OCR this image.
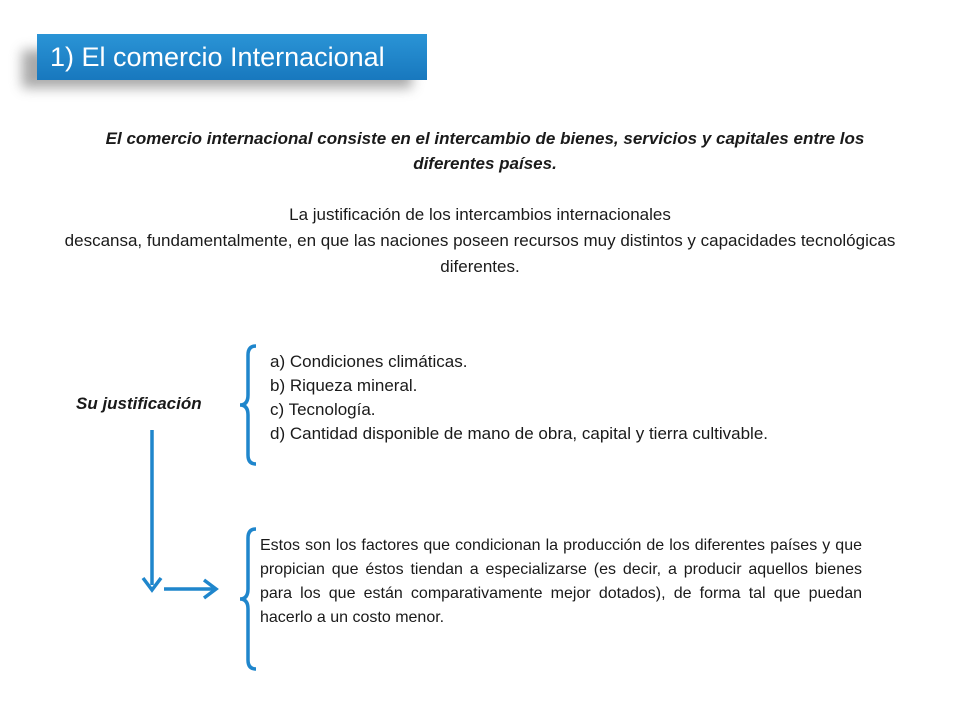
1) El comercio Internacional
El comercio internacional consiste en el intercambio de bienes, servicios y capitales entre los diferentes países.
La justificación de los intercambios internacionales
descansa, fundamentalmente, en que las naciones poseen recursos muy distintos y capacidades tecnológicas diferentes.
Su justificación
a) Condiciones climáticas.
b) Riqueza mineral.
c) Tecnología.
d) Cantidad disponible de mano de obra, capital y tierra cultivable.
Estos son los factores que condicionan la producción de los diferentes países y que propician que éstos tiendan a especializarse (es decir, a producir aquellos bienes para los que están comparativamente mejor dotados), de forma tal que puedan hacerlo a un costo menor.
